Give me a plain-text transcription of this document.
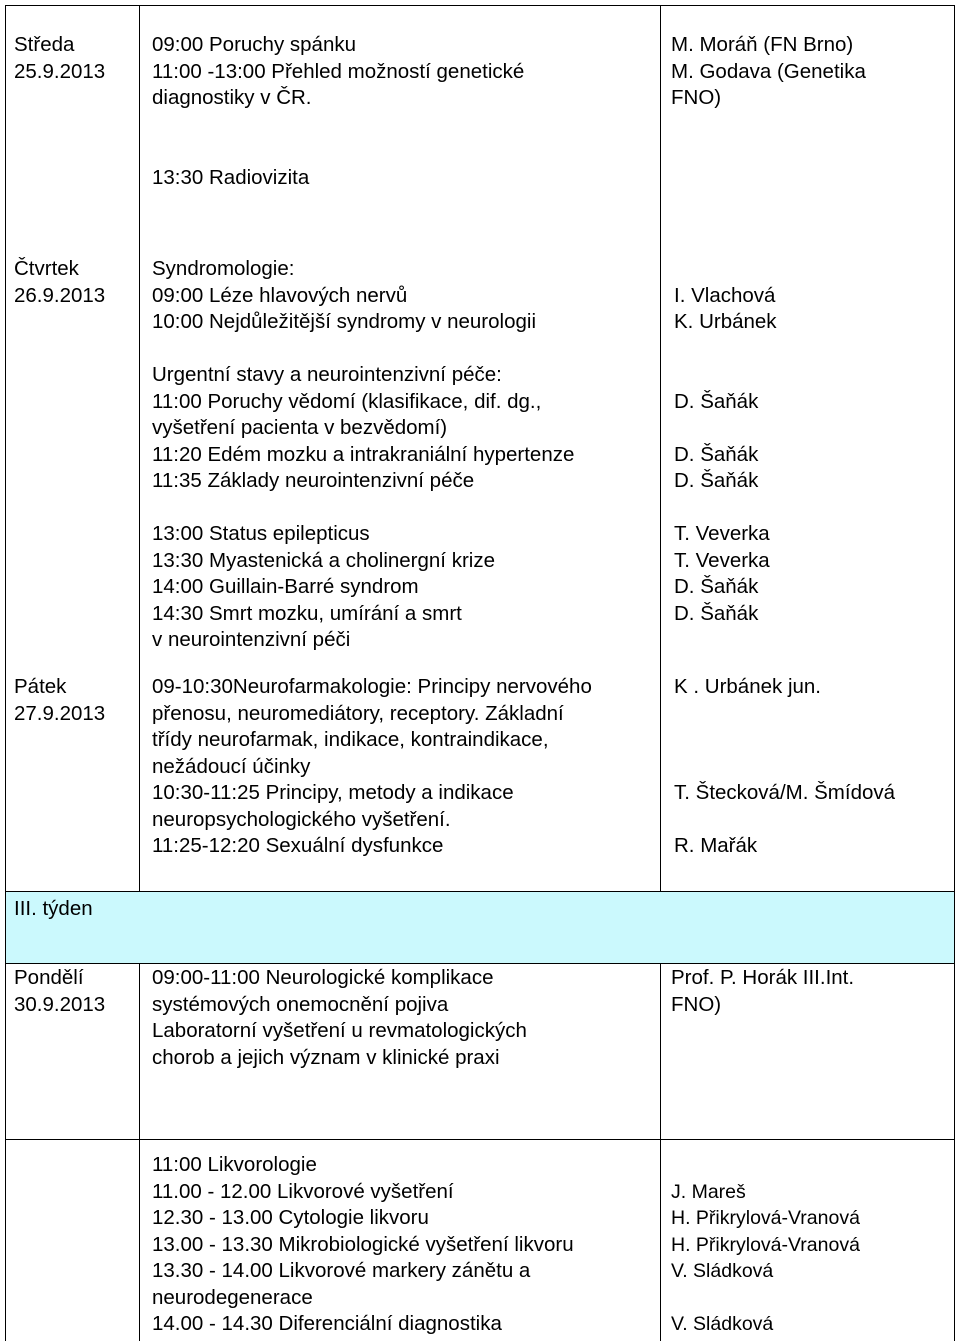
Středa
25.9.2013
09:00 Poruchy spánku
11:00 -13:00 Přehled možností genetické
diagnostiky v ČR.
13:30 Radiovizita
M. Moráň (FN Brno)
M. Godava (Genetika
FNO)
Čtvrtek
26.9.2013
Syndromologie:
09:00 Léze hlavových nervů
10:00 Nejdůležitější syndromy v neurologii
Urgentní stavy a neurointenzivní péče:
11:00 Poruchy vědomí (klasifikace, dif. dg.,
vyšetření pacienta v bezvědomí)
11:20 Edém mozku a intrakraniální hypertenze
11:35 Základy neurointenzivní péče
13:00 Status epilepticus
13:30 Myastenická a cholinergní krize
14:00 Guillain-Barré syndrom
14:30 Smrt mozku, umírání a smrt
v neurointenzivní péči
I. Vlachová
K. Urbánek
D. Šaňák
D. Šaňák
D. Šaňák
T. Veverka
T. Veverka
D. Šaňák
D. Šaňák
Pátek
27.9.2013
09-10:30Neurofarmakologie: Principy nervového
přenosu, neuromediátory, receptory. Základní
třídy neurofarmak, indikace, kontraindikace,
nežádoucí účinky
10:30-11:25 Principy, metody a indikace
neuropsychologického vyšetření.
11:25-12:20 Sexuální dysfunkce
K . Urbánek jun.
T. Štecková/M. Šmídová
R. Mařák
III. týden
Pondělí
30.9.2013
09:00-11:00 Neurologické komplikace
systémových onemocnění pojiva
Laboratorní vyšetření u revmatologických
chorob a jejich význam v klinické praxi
Prof. P. Horák III.Int.
FNO)
11:00 Likvorologie
11.00 - 12.00 Likvorové vyšetření
12.30 - 13.00 Cytologie likvoru
13.00 - 13.30 Mikrobiologické vyšetření likvoru
13.30 - 14.00 Likvorové markery zánětu a
neurodegenerace
14.00 - 14.30 Diferenciální diagnostika
J. Mareš
H. Přikrylová-Vranová
H. Přikrylová-Vranová
V. Sládková
V. Sládková
